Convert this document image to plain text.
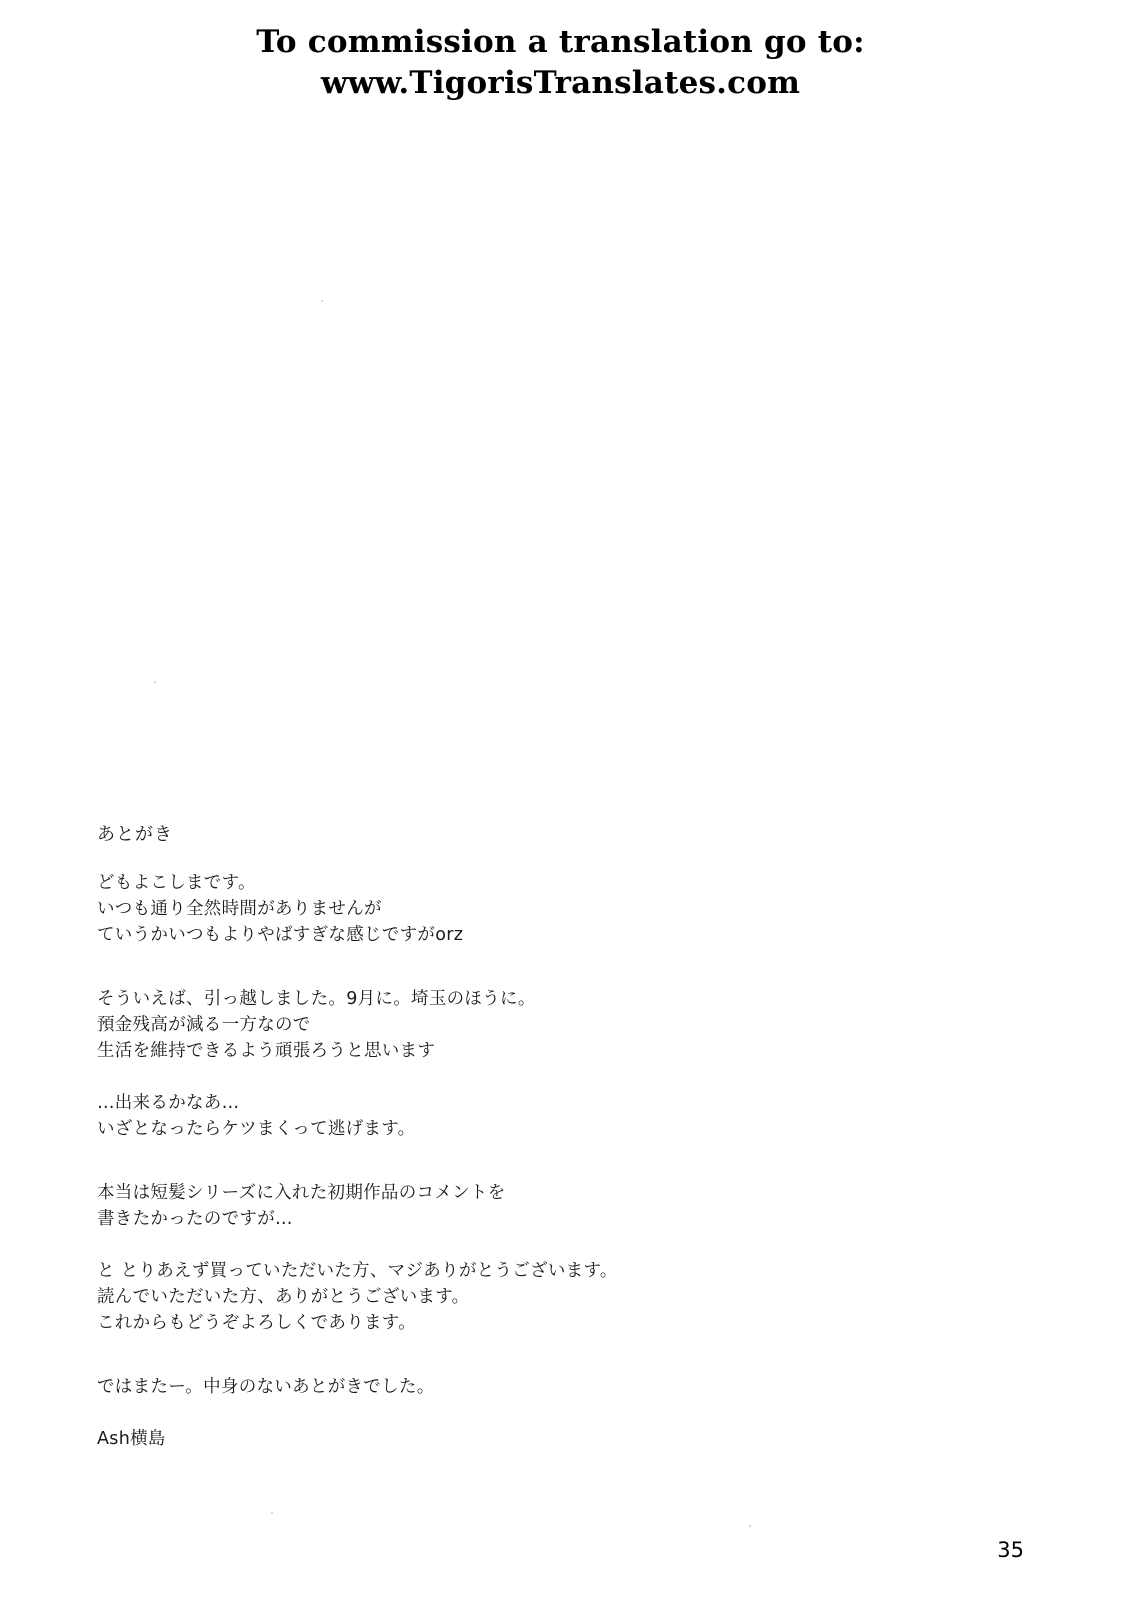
To commission a translation go to:
www.TigorisTranslates.com
あとがき

どもよこしまです。

いつも通り全然時間がありませんが

ていうかいつもよりやばすぎな感じですがorz

そういえば、引っ越しました。9月に。埼玉のほうに。

預金残高が減る一方なので

生活を維持できるよう頑張ろうと思います

…出来るかなあ…

いざとなったらケツまくって逃げます。

本当は短髪シリーズに入れた初期作品のコメントを

書きたかったのですが…

と とりあえず買っていただいた方、マジありがとうございます。

読んでいただいた方、ありがとうございます。

これからもどうぞよろしくであります。

ではまたー。中身のないあとがきでした。

Ash横島

35
